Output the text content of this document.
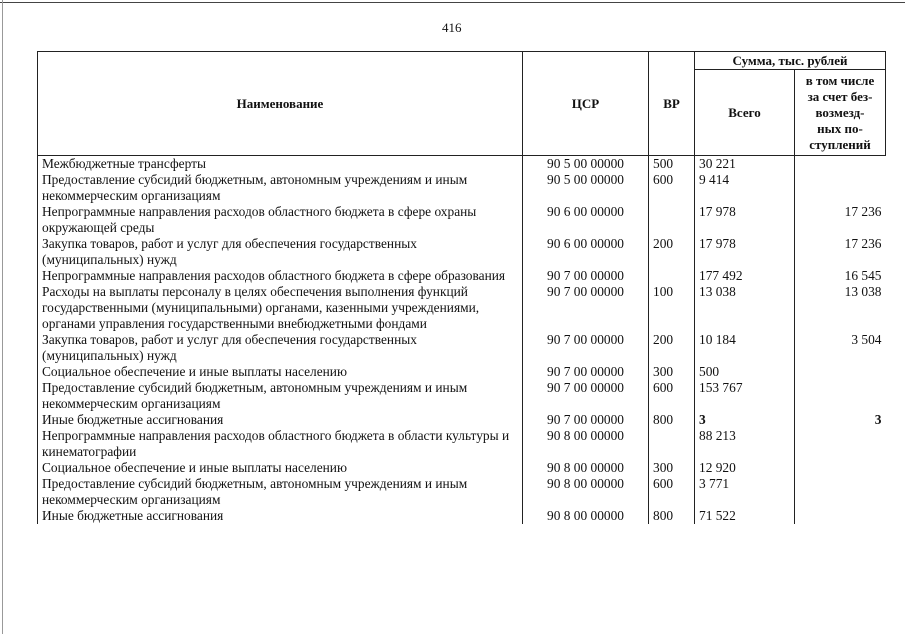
416
Наименование	ЦСР	ВР	Сумма, тыс. рублей	
			Всего	в том числе
за счет без-
возмезд-
ных по-
ступлений

Межбюджетные трансферты	90 5 00 00000	500	30 221	
Предоставление субсидий бюджетным, автономным учреждениям и иным некоммерческим организациям	90 5 00 00000	600	9 414	
Непрограммные направления расходов областного бюджета в сфере охраны окружающей среды	90 6 00 00000		17 978	17 236
Закупка товаров, работ и услуг для обеспечения государственных (муниципальных) нужд	90 6 00 00000	200	17 978	17 236
Непрограммные направления расходов областного бюджета в сфере образования	90 7 00 00000		177 492	16 545
Расходы на выплаты персоналу в целях обеспечения выполнения функций государственными (муниципальными) органами, казенными учреждениями, органами управления государственными внебюджетными фондами	90 7 00 00000	100	13 038	13 038
Закупка товаров, работ и услуг для обеспечения государственных (муниципальных) нужд	90 7 00 00000	200	10 184	3 504
Социальное обеспечение и иные выплаты населению	90 7 00 00000	300	500	
Предоставление субсидий бюджетным, автономным учреждениям и иным некоммерческим организациям	90 7 00 00000	600	153 767	
Иные бюджетные ассигнования	90 7 00 00000	800	3	3
Непрограммные направления расходов областного бюджета в области культуры и кинематографии	90 8 00 00000		88 213	
Социальное обеспечение и иные выплаты населению	90 8 00 00000	300	12 920	
Предоставление субсидий бюджетным, автономным учреждениям и иным некоммерческим организациям	90 8 00 00000	600	3 771	
Иные бюджетные ассигнования	90 8 00 00000	800	71 522	
